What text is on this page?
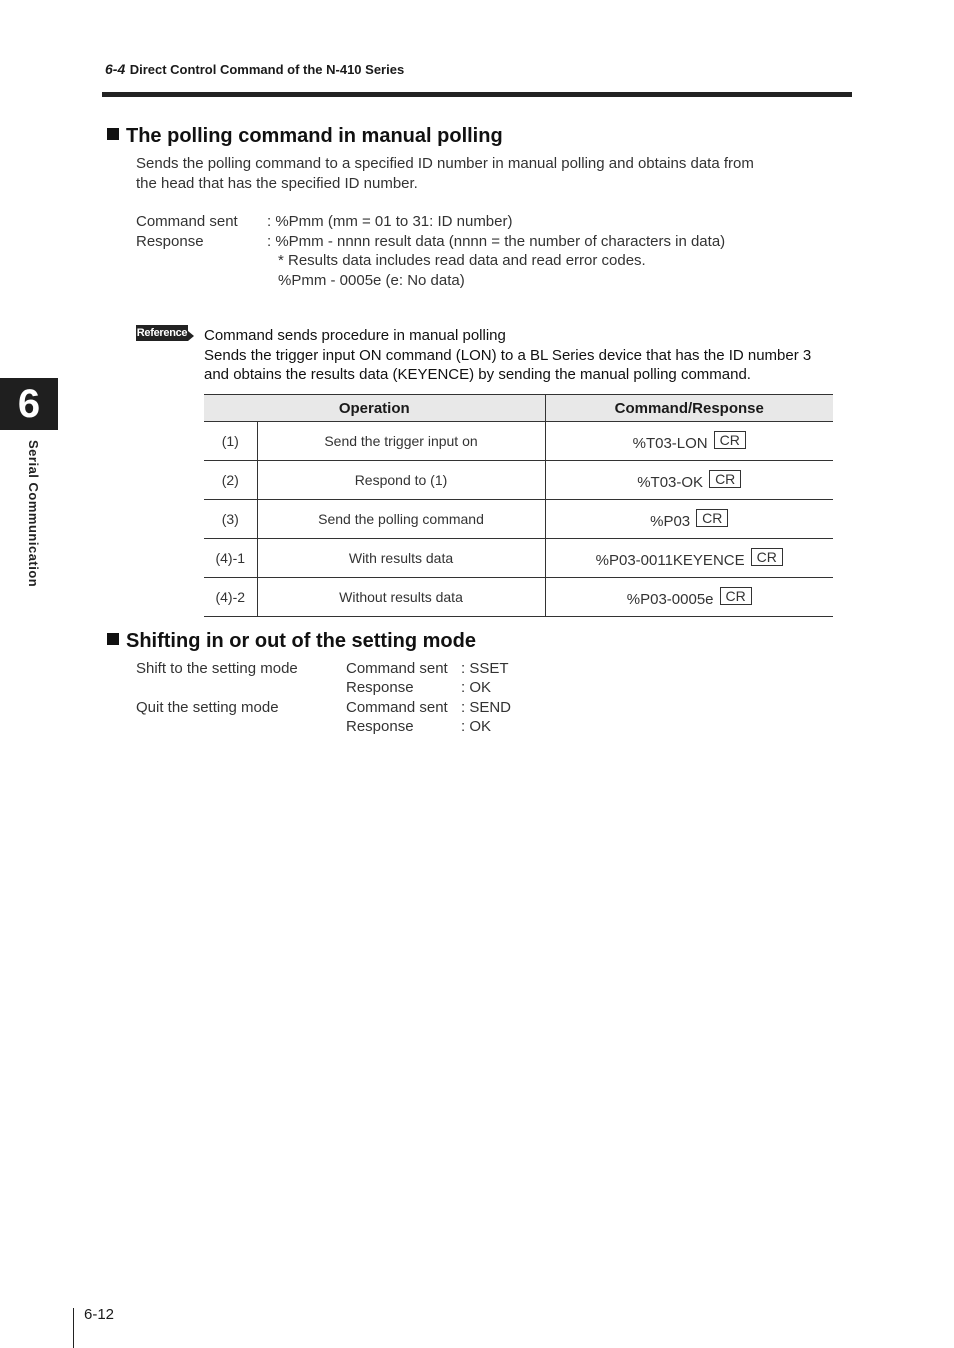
6-4 Direct Control Command of the N-410 Series
6
Serial Communication
The polling command in manual polling
Sends the polling command to a specified ID number in manual polling and obtains data from
the head that has the specified ID number.
Command sent : %Pmm (mm = 01 to 31: ID number)
Response	: %Pmm - nnnn result data (nnnn = the number of characters in data)
* Results data includes read data and read error codes.
%Pmm - 0005e (e: No data)
Reference Command sends procedure in manual polling
Sends the trigger input ON command (LON) to a BL Series device that has the ID number 3
and obtains the results data (KEYENCE) by sending the manual polling command.
Operation		Command/Response
(1)	Send the trigger input on	%T03-LON CR
(2)	Respond to (1)	%T03-OK CR
(3)	Send the polling command	%P03 CR
(4)-1	With results data	%P03-0011KEYENCE CR
(4)-2	Without results data	%P03-0005e CR
Shifting in or out of the setting mode
Shift to the setting mode	Command sent : SSET
Response	: OK
Quit the setting mode	Command sent : SEND
Response	: OK
6-12
